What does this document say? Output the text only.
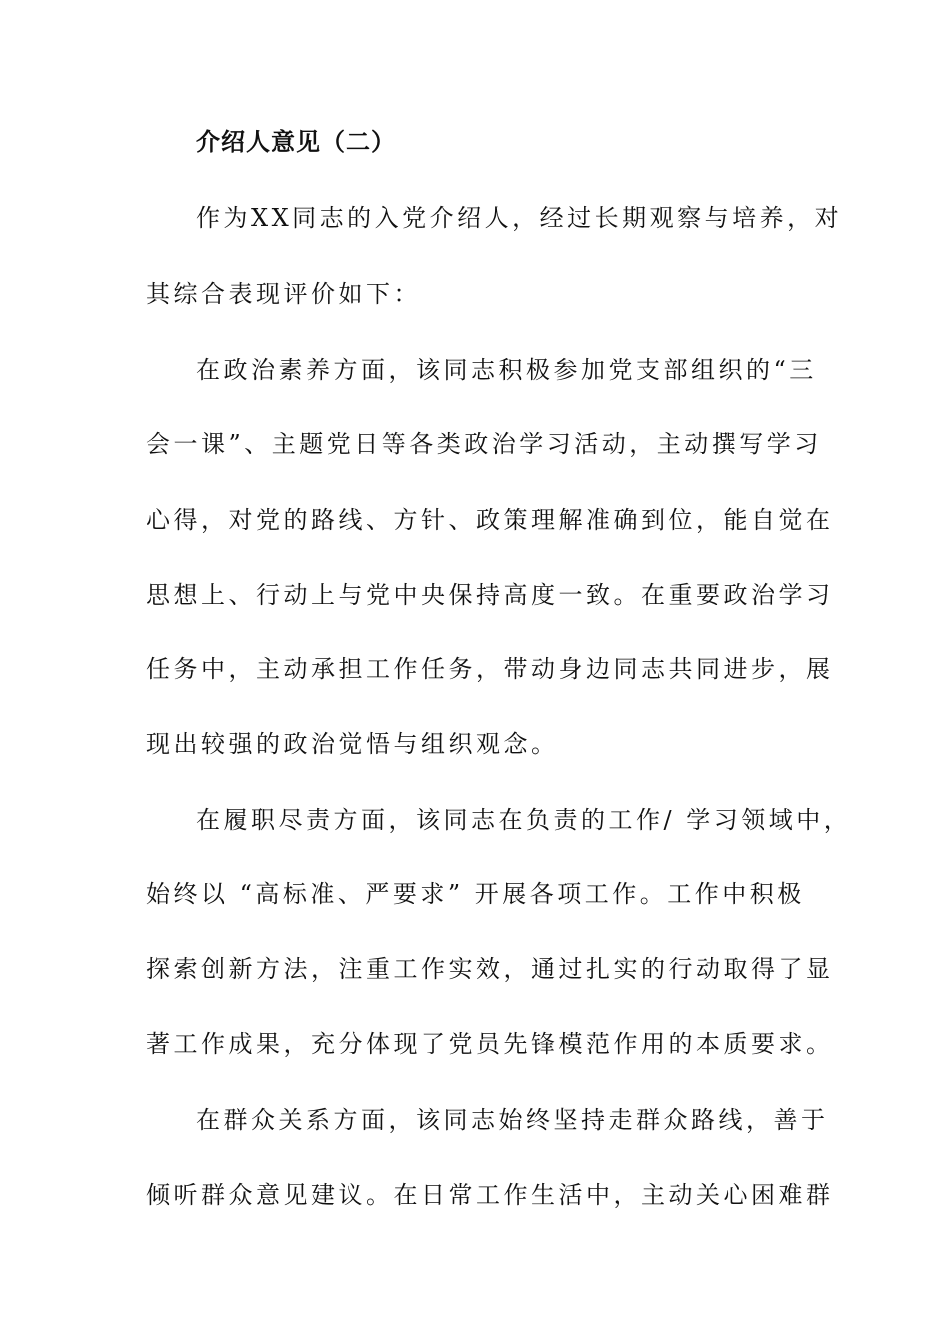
介绍人意见（二）
作为XX同志的入党介绍人，经过长期观察与培养，对
其综合表现评价如下：
在政治素养方面，该同志积极参加党支部组织的“三
会一课”、主题党日等各类政治学习活动，主动撰写学习
心得，对党的路线、方针、政策理解准确到位，能自觉在
思想上、行动上与党中央保持高度一致。在重要政治学习
任务中，主动承担工作任务，带动身边同志共同进步，展
现出较强的政治觉悟与组织观念。
在履职尽责方面，该同志在负责的工作/ 学习领域中，
始终以 “高标准、严要求” 开展各项工作。工作中积极
探索创新方法，注重工作实效，通过扎实的行动取得了显
著工作成果，充分体现了党员先锋模范作用的本质要求。
在群众关系方面，该同志始终坚持走群众路线，善于
倾听群众意见建议。在日常工作生活中，主动关心困难群
